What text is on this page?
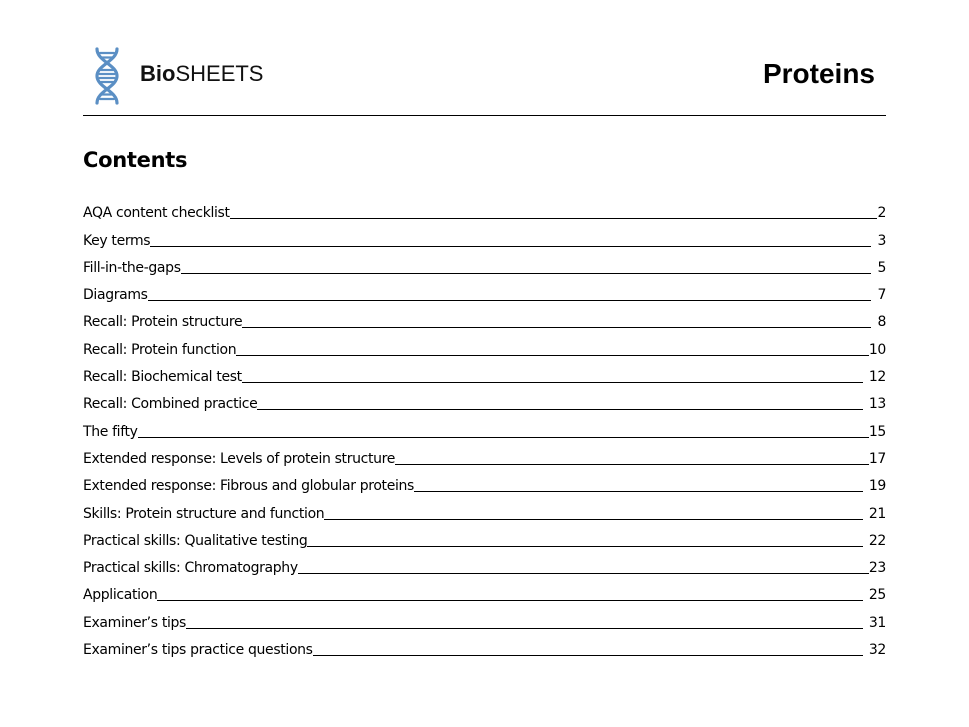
BioSHEETS	Proteins
Contents
AQA content checklist	2
Key terms	3
Fill-in-the-gaps	5
Diagrams	7
Recall: Protein structure	8
Recall: Protein function	10
Recall: Biochemical test	12
Recall: Combined practice	13
The fifty	15
Extended response: Levels of protein structure	17
Extended response: Fibrous and globular proteins	19
Skills: Protein structure and function	21
Practical skills: Qualitative testing	22
Practical skills: Chromatography	23
Application	25
Examiner’s tips	31
Examiner’s tips practice questions	32
